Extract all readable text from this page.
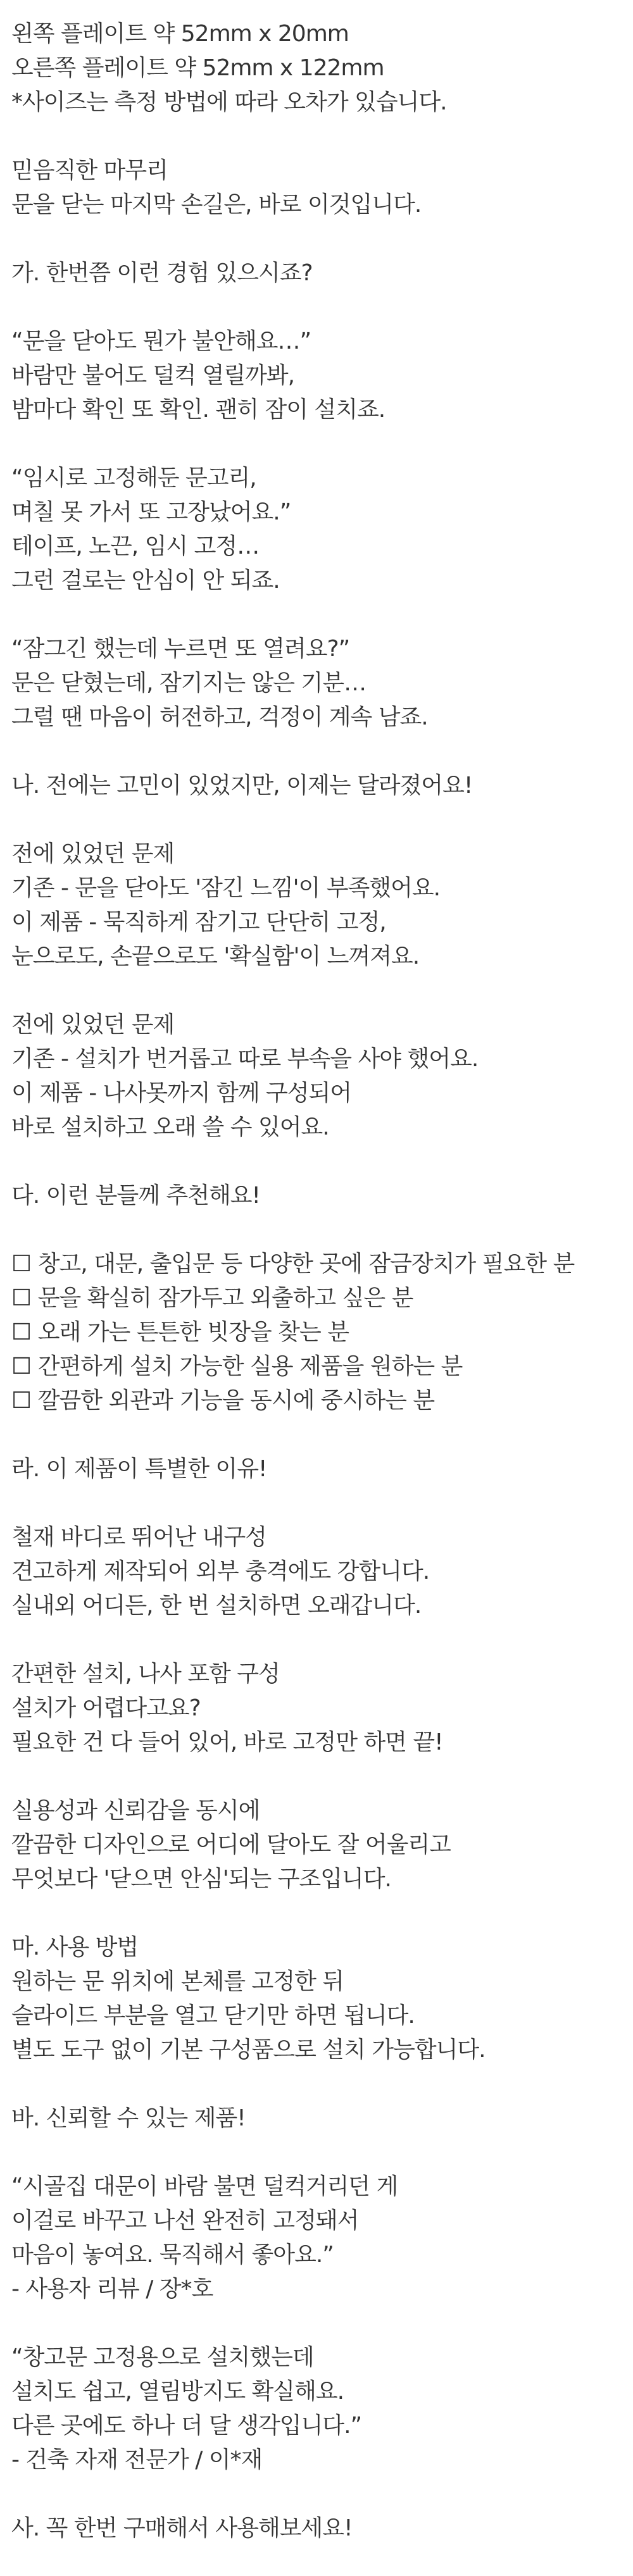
왼쪽 플레이트 약 52mm x 20mm
오른쪽 플레이트 약 52mm x 122mm
*사이즈는 측정 방법에 따라 오차가 있습니다.
믿음직한 마무리
문을 닫는 마지막 손길은, 바로 이것입니다.
가. 한번쯤 이런 경험 있으시죠?
“문을 닫아도 뭔가 불안해요…”
바람만 불어도 덜컥 열릴까봐,
밤마다 확인 또 확인. 괜히 잠이 설치죠.
“임시로 고정해둔 문고리,
며칠 못 가서 또 고장났어요.”
테이프, 노끈, 임시 고정…
그런 걸로는 안심이 안 되죠.
“잠그긴 했는데 누르면 또 열려요?”
문은 닫혔는데, 잠기지는 않은 기분…
그럴 땐 마음이 허전하고, 걱정이 계속 남죠.
나. 전에는 고민이 있었지만, 이제는 달라졌어요!
전에 있었던 문제
기존 - 문을 닫아도 '잠긴 느낌'이 부족했어요.
이 제품 - 묵직하게 잠기고 단단히 고정,
눈으로도, 손끝으로도 '확실함'이 느껴져요.
전에 있었던 문제
기존 - 설치가 번거롭고 따로 부속을 사야 했어요.
이 제품 - 나사못까지 함께 구성되어
바로 설치하고 오래 쓸 수 있어요.
다. 이런 분들께 추천해요!
☐ 창고, 대문, 출입문 등 다양한 곳에 잠금장치가 필요한 분
☐ 문을 확실히 잠가두고 외출하고 싶은 분
☐ 오래 가는 튼튼한 빗장을 찾는 분
☐ 간편하게 설치 가능한 실용 제품을 원하는 분
☐ 깔끔한 외관과 기능을 동시에 중시하는 분
라. 이 제품이 특별한 이유!
철재 바디로 뛰어난 내구성
견고하게 제작되어 외부 충격에도 강합니다.
실내외 어디든, 한 번 설치하면 오래갑니다.
간편한 설치, 나사 포함 구성
설치가 어렵다고요?
필요한 건 다 들어 있어, 바로 고정만 하면 끝!
실용성과 신뢰감을 동시에
깔끔한 디자인으로 어디에 달아도 잘 어울리고
무엇보다 '닫으면 안심'되는 구조입니다.
마. 사용 방법
원하는 문 위치에 본체를 고정한 뒤
슬라이드 부분을 열고 닫기만 하면 됩니다.
별도 도구 없이 기본 구성품으로 설치 가능합니다.
바. 신뢰할 수 있는 제품!
“시골집 대문이 바람 불면 덜컥거리던 게
이걸로 바꾸고 나선 완전히 고정돼서
마음이 놓여요. 묵직해서 좋아요.”
- 사용자 리뷰 / 장*호
“창고문 고정용으로 설치했는데
설치도 쉽고, 열림방지도 확실해요.
다른 곳에도 하나 더 달 생각입니다.”
- 건축 자재 전문가 / 이*재
사. 꼭 한번 구매해서 사용해보세요!
